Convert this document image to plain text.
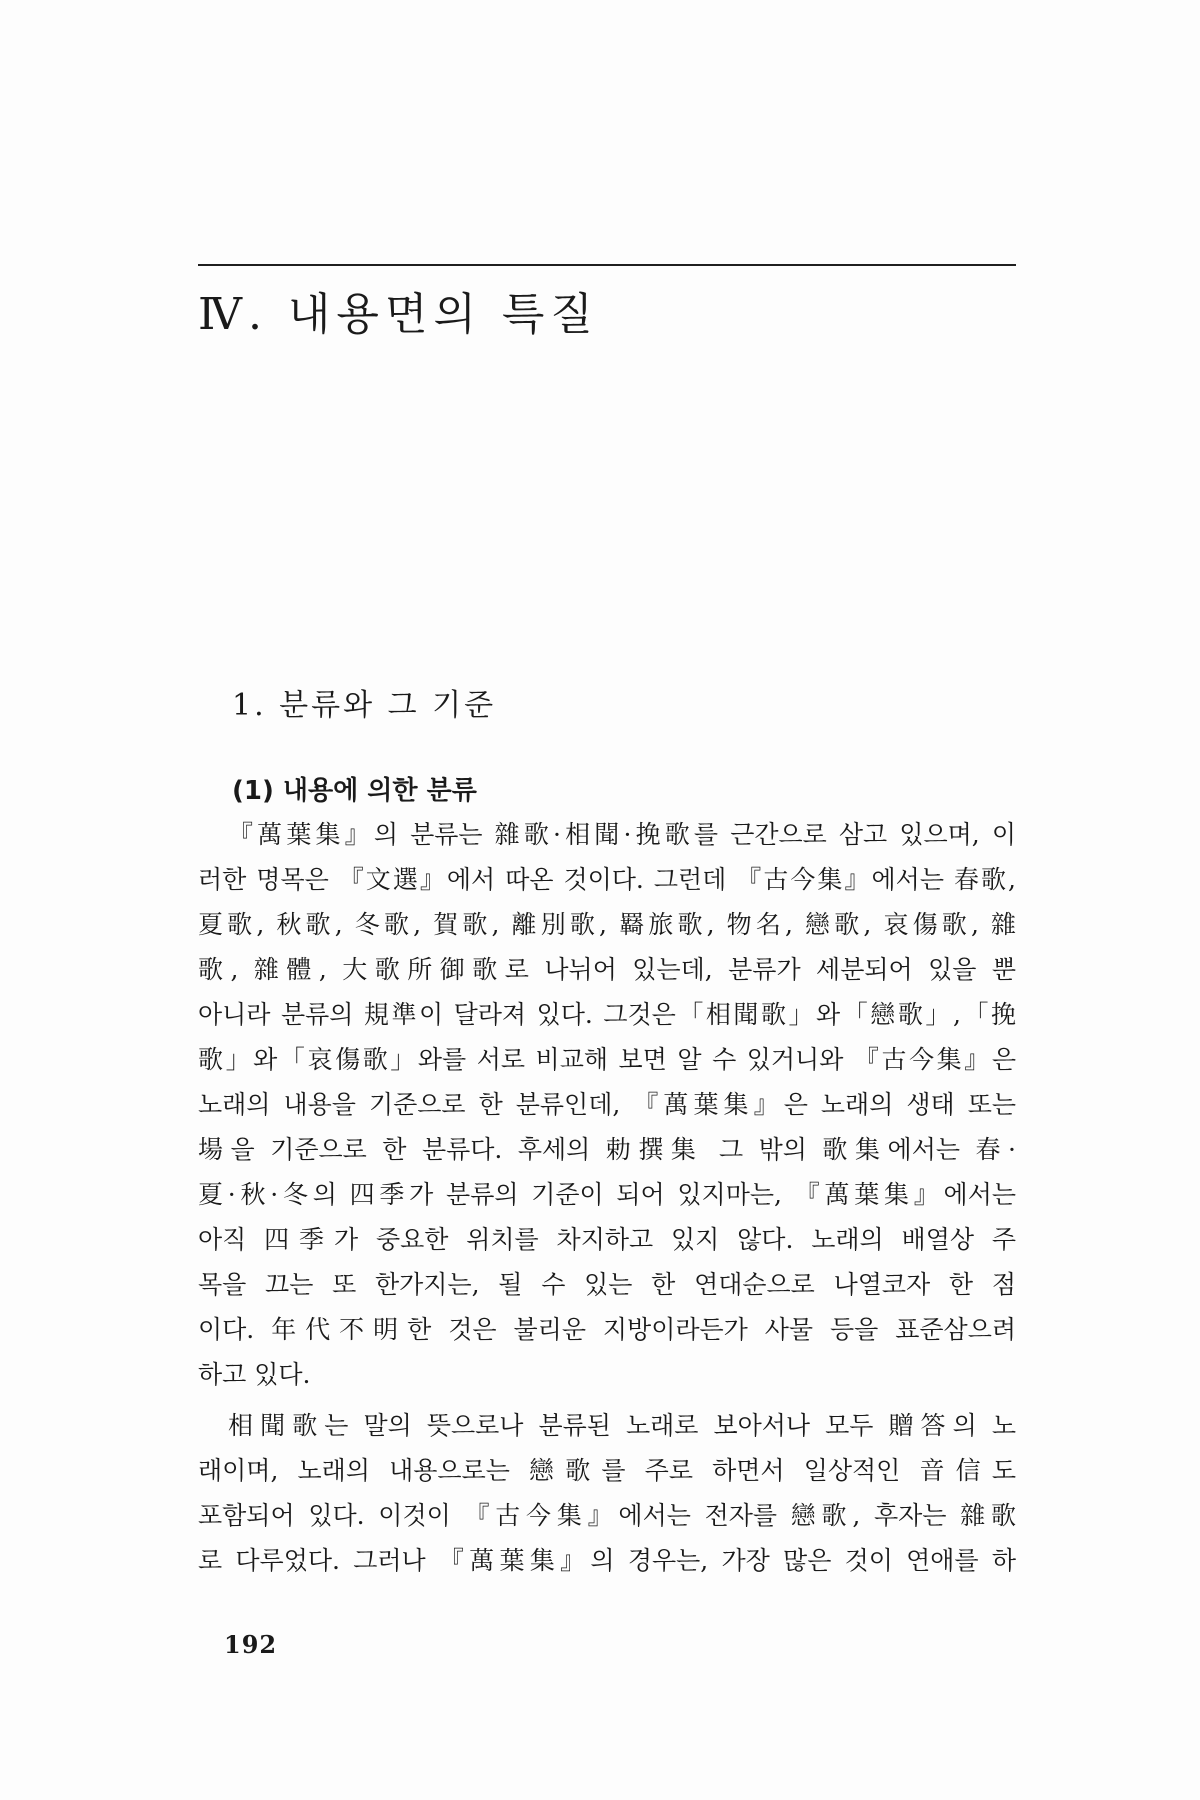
Ⅳ. 내용면의 특질
1. 분류와 그 기준
(1) 내용에 의한 분류
『萬葉集』의 분류는 雜歌·相聞·挽歌를 근간으로 삼고 있으며, 이
러한 명목은 『文選』에서 따온 것이다. 그런데 『古今集』에서는 春歌,
夏歌, 秋歌, 冬歌, 賀歌, 離別歌, 羇旅歌, 物名, 戀歌, 哀傷歌, 雜
歌, 雜體, 大歌所御歌로 나뉘어 있는데, 분류가 세분되어 있을 뿐
아니라 분류의 規準이 달라져 있다. 그것은「相聞歌」와「戀歌」,「挽
歌」와「哀傷歌」와를 서로 비교해 보면 알 수 있거니와 『古今集』은
노래의 내용을 기준으로 한 분류인데, 『萬葉集』은 노래의 생태 또는
場을 기준으로 한 분류다. 후세의 勅撰集 그 밖의 歌集에서는 春·
夏·秋·冬의 四季가 분류의 기준이 되어 있지마는, 『萬葉集』에서는
아직 四季가 중요한 위치를 차지하고 있지 않다. 노래의 배열상 주
목을 끄는 또 한가지는, 될 수 있는 한 연대순으로 나열코자 한 점
이다. 年代不明한 것은 불리운 지방이라든가 사물 등을 표준삼으려
하고 있다.
相聞歌는 말의 뜻으로나 분류된 노래로 보아서나 모두 贈答의 노
래이며, 노래의 내용으로는 戀歌를 주로 하면서 일상적인 音信도
포함되어 있다. 이것이 『古今集』에서는 전자를 戀歌, 후자는 雜歌
로 다루었다. 그러나 『萬葉集』의 경우는, 가장 많은 것이 연애를 하
192
